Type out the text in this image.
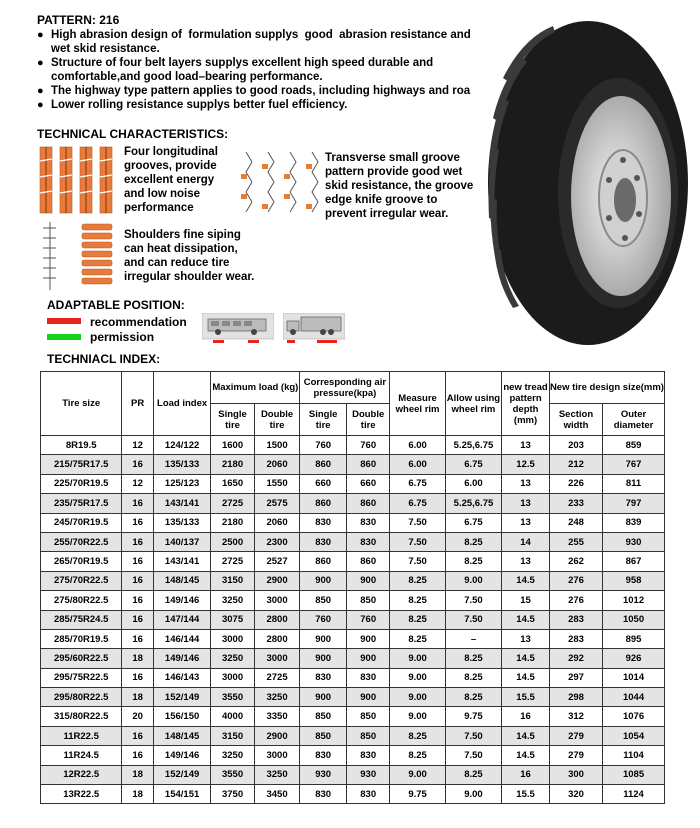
PATTERN: 216
● High abrasion design of  formulation supplys  good  abrasion resistance and wet skid resistance.
● Structure of four belt layers supplys excellent high speed durable and comfortable,and good load–bearing performance.
● The highway type pattern applies to good roads, including highways and roa
● Lower rolling resistance supplys better fuel efficiency.
TECHNICAL CHARACTERISTICS:
Four longitudinal
grooves, provide
excellent energy
and low noise
performance
Transverse small groove
pattern provide good wet
skid resistance, the groove
edge knife groove to
prevent irregular wear.
Shoulders fine siping
can heat dissipation,
and can reduce tire
irregular shoulder wear.
ADAPTABLE POSITION:
recommendation
permission
TECHNIACL INDEX:
Tire size	PR	Load index	Maximum load (kg)		Corresponding air pressure(kpa)		Measure wheel rim	Allow using wheel rim	new tread pattern depth (mm)	New tire design size(mm)	
			Single tire	Double tire	Single tire	Double tire				Section width	Outer diameter
8R19.5	12	124/122	1600	1500	760	760	6.00	5.25,6.75	13	203	859
215/75R17.5	16	135/133	2180	2060	860	860	6.00	6.75	12.5	212	767
225/70R19.5	12	125/123	1650	1550	660	660	6.75	6.00	13	226	811
235/75R17.5	16	143/141	2725	2575	860	860	6.75	5.25,6.75	13	233	797
245/70R19.5	16	135/133	2180	2060	830	830	7.50	6.75	13	248	839
255/70R22.5	16	140/137	2500	2300	830	830	7.50	8.25	14	255	930
265/70R19.5	16	143/141	2725	2527	860	860	7.50	8.25	13	262	867
275/70R22.5	16	148/145	3150	2900	900	900	8.25	9.00	14.5	276	958
275/80R22.5	16	149/146	3250	3000	850	850	8.25	7.50	15	276	1012
285/75R24.5	16	147/144	3075	2800	760	760	8.25	7.50	14.5	283	1050
285/70R19.5	16	146/144	3000	2800	900	900	8.25	–	13	283	895
295/60R22.5	18	149/146	3250	3000	900	900	9.00	8.25	14.5	292	926
295/75R22.5	16	146/143	3000	2725	830	830	9.00	8.25	14.5	297	1014
295/80R22.5	18	152/149	3550	3250	900	900	9.00	8.25	15.5	298	1044
315/80R22.5	20	156/150	4000	3350	850	850	9.00	9.75	16	312	1076
11R22.5	16	148/145	3150	2900	850	850	8.25	7.50	14.5	279	1054
11R24.5	16	149/146	3250	3000	830	830	8.25	7.50	14.5	279	1104
12R22.5	18	152/149	3550	3250	930	930	9.00	8.25	16	300	1085
13R22.5	18	154/151	3750	3450	830	830	9.75	9.00	15.5	320	1124
